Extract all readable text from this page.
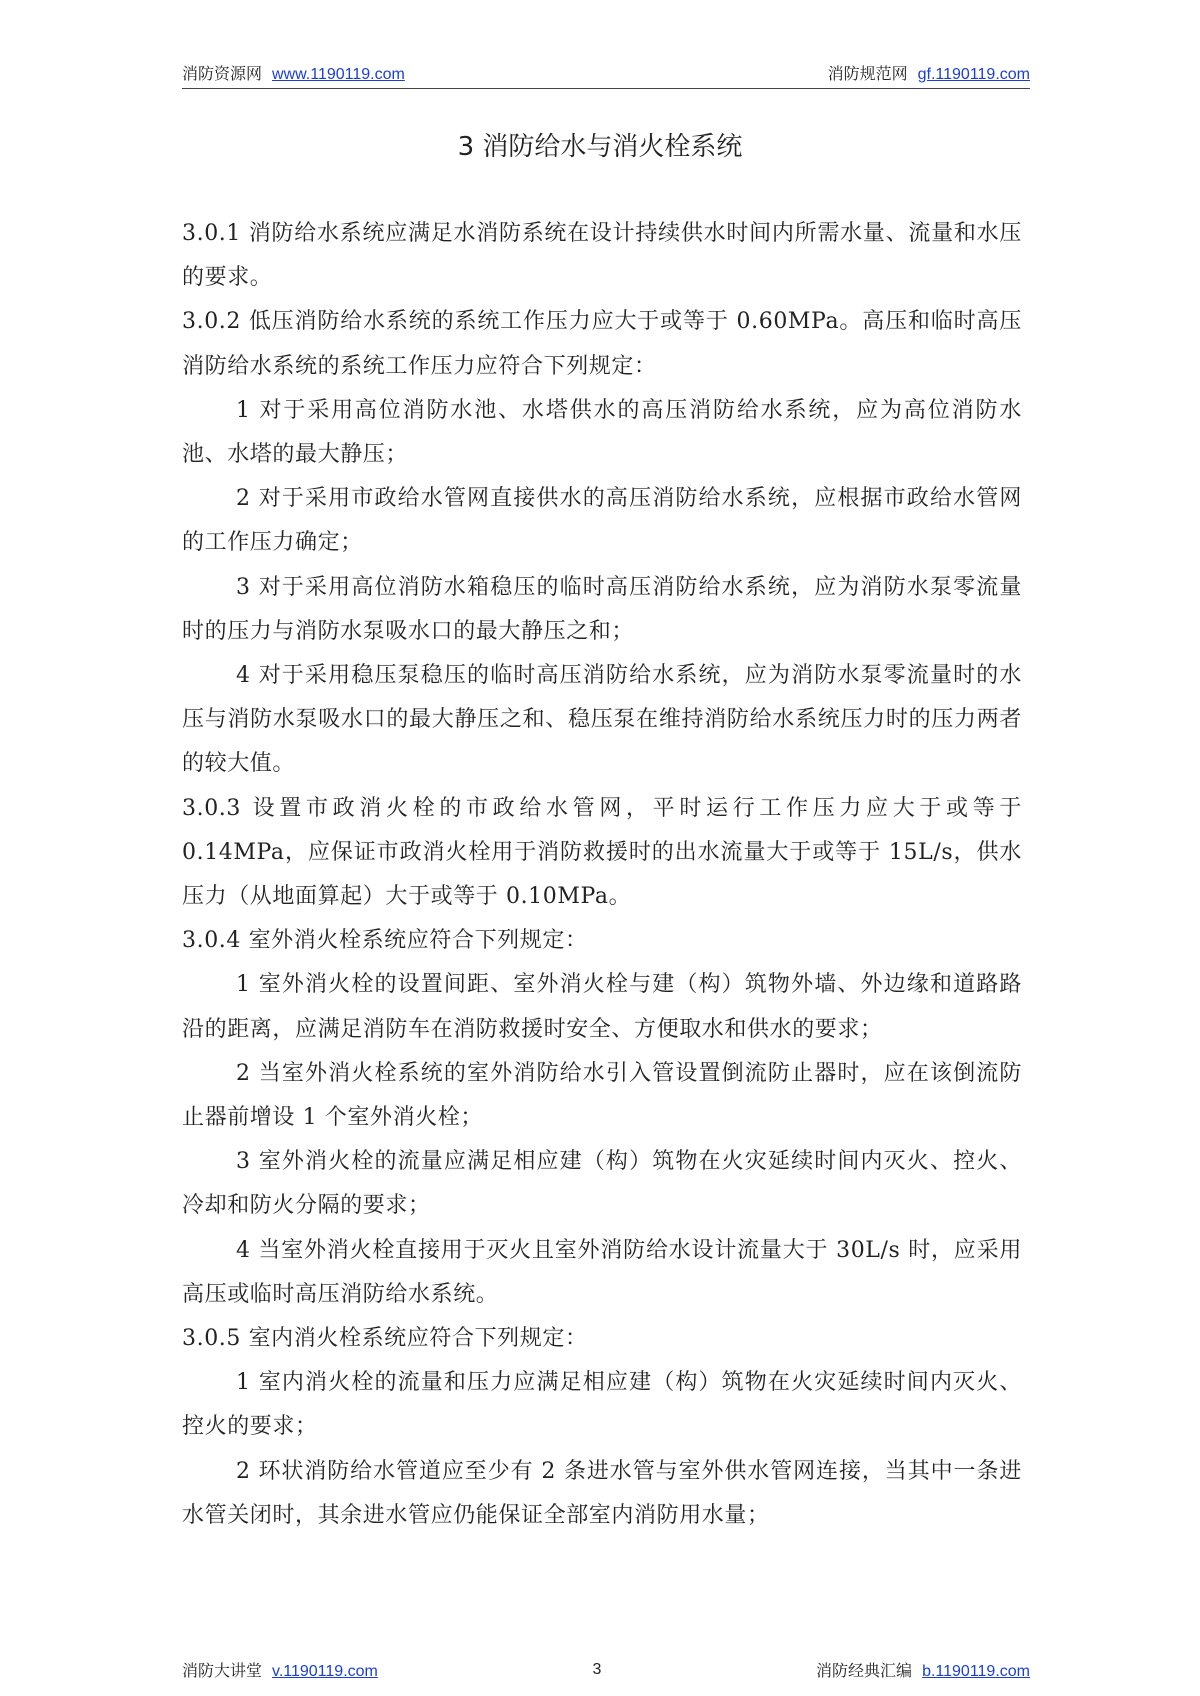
消防资源网 www.1190119.com	消防规范网 gf.1190119.com
3 消防给水与消火栓系统

3.0.1 消防给水系统应满足水消防系统在设计持续供水时间内所需水量、流量和水压的要求。

3.0.2 低压消防给水系统的系统工作压力应大于或等于 0.60MPa。高压和临时高压消防给水系统的系统工作压力应符合下列规定：

1 对于采用高位消防水池、水塔供水的高压消防给水系统，应为高位消防水池、水塔的最大静压；

2 对于采用市政给水管网直接供水的高压消防给水系统，应根据市政给水管网的工作压力确定；

3 对于采用高位消防水箱稳压的临时高压消防给水系统，应为消防水泵零流量时的压力与消防水泵吸水口的最大静压之和；

4 对于采用稳压泵稳压的临时高压消防给水系统，应为消防水泵零流量时的水压与消防水泵吸水口的最大静压之和、稳压泵在维持消防给水系统压力时的压力两者的较大值。

3.0.3 设置市政消火栓的市政给水管网，平时运行工作压力应大于或等于 0.14MPa，应保证市政消火栓用于消防救援时的出水流量大于或等于 15L/s，供水压力（从地面算起）大于或等于 0.10MPa。

3.0.4 室外消火栓系统应符合下列规定：

1 室外消火栓的设置间距、室外消火栓与建（构）筑物外墙、外边缘和道路路沿的距离，应满足消防车在消防救援时安全、方便取水和供水的要求；

2 当室外消火栓系统的室外消防给水引入管设置倒流防止器时，应在该倒流防止器前增设 1 个室外消火栓；

3 室外消火栓的流量应满足相应建（构）筑物在火灾延续时间内灭火、控火、冷却和防火分隔的要求；

4 当室外消火栓直接用于灭火且室外消防给水设计流量大于 30L/s 时，应采用高压或临时高压消防给水系统。

3.0.5 室内消火栓系统应符合下列规定：

1 室内消火栓的流量和压力应满足相应建（构）筑物在火灾延续时间内灭火、控火的要求；

2 环状消防给水管道应至少有 2 条进水管与室外供水管网连接，当其中一条进水管关闭时，其余进水管应仍能保证全部室内消防用水量；

消防大讲堂 v.1190119.com	3	消防经典汇编 b.1190119.com
